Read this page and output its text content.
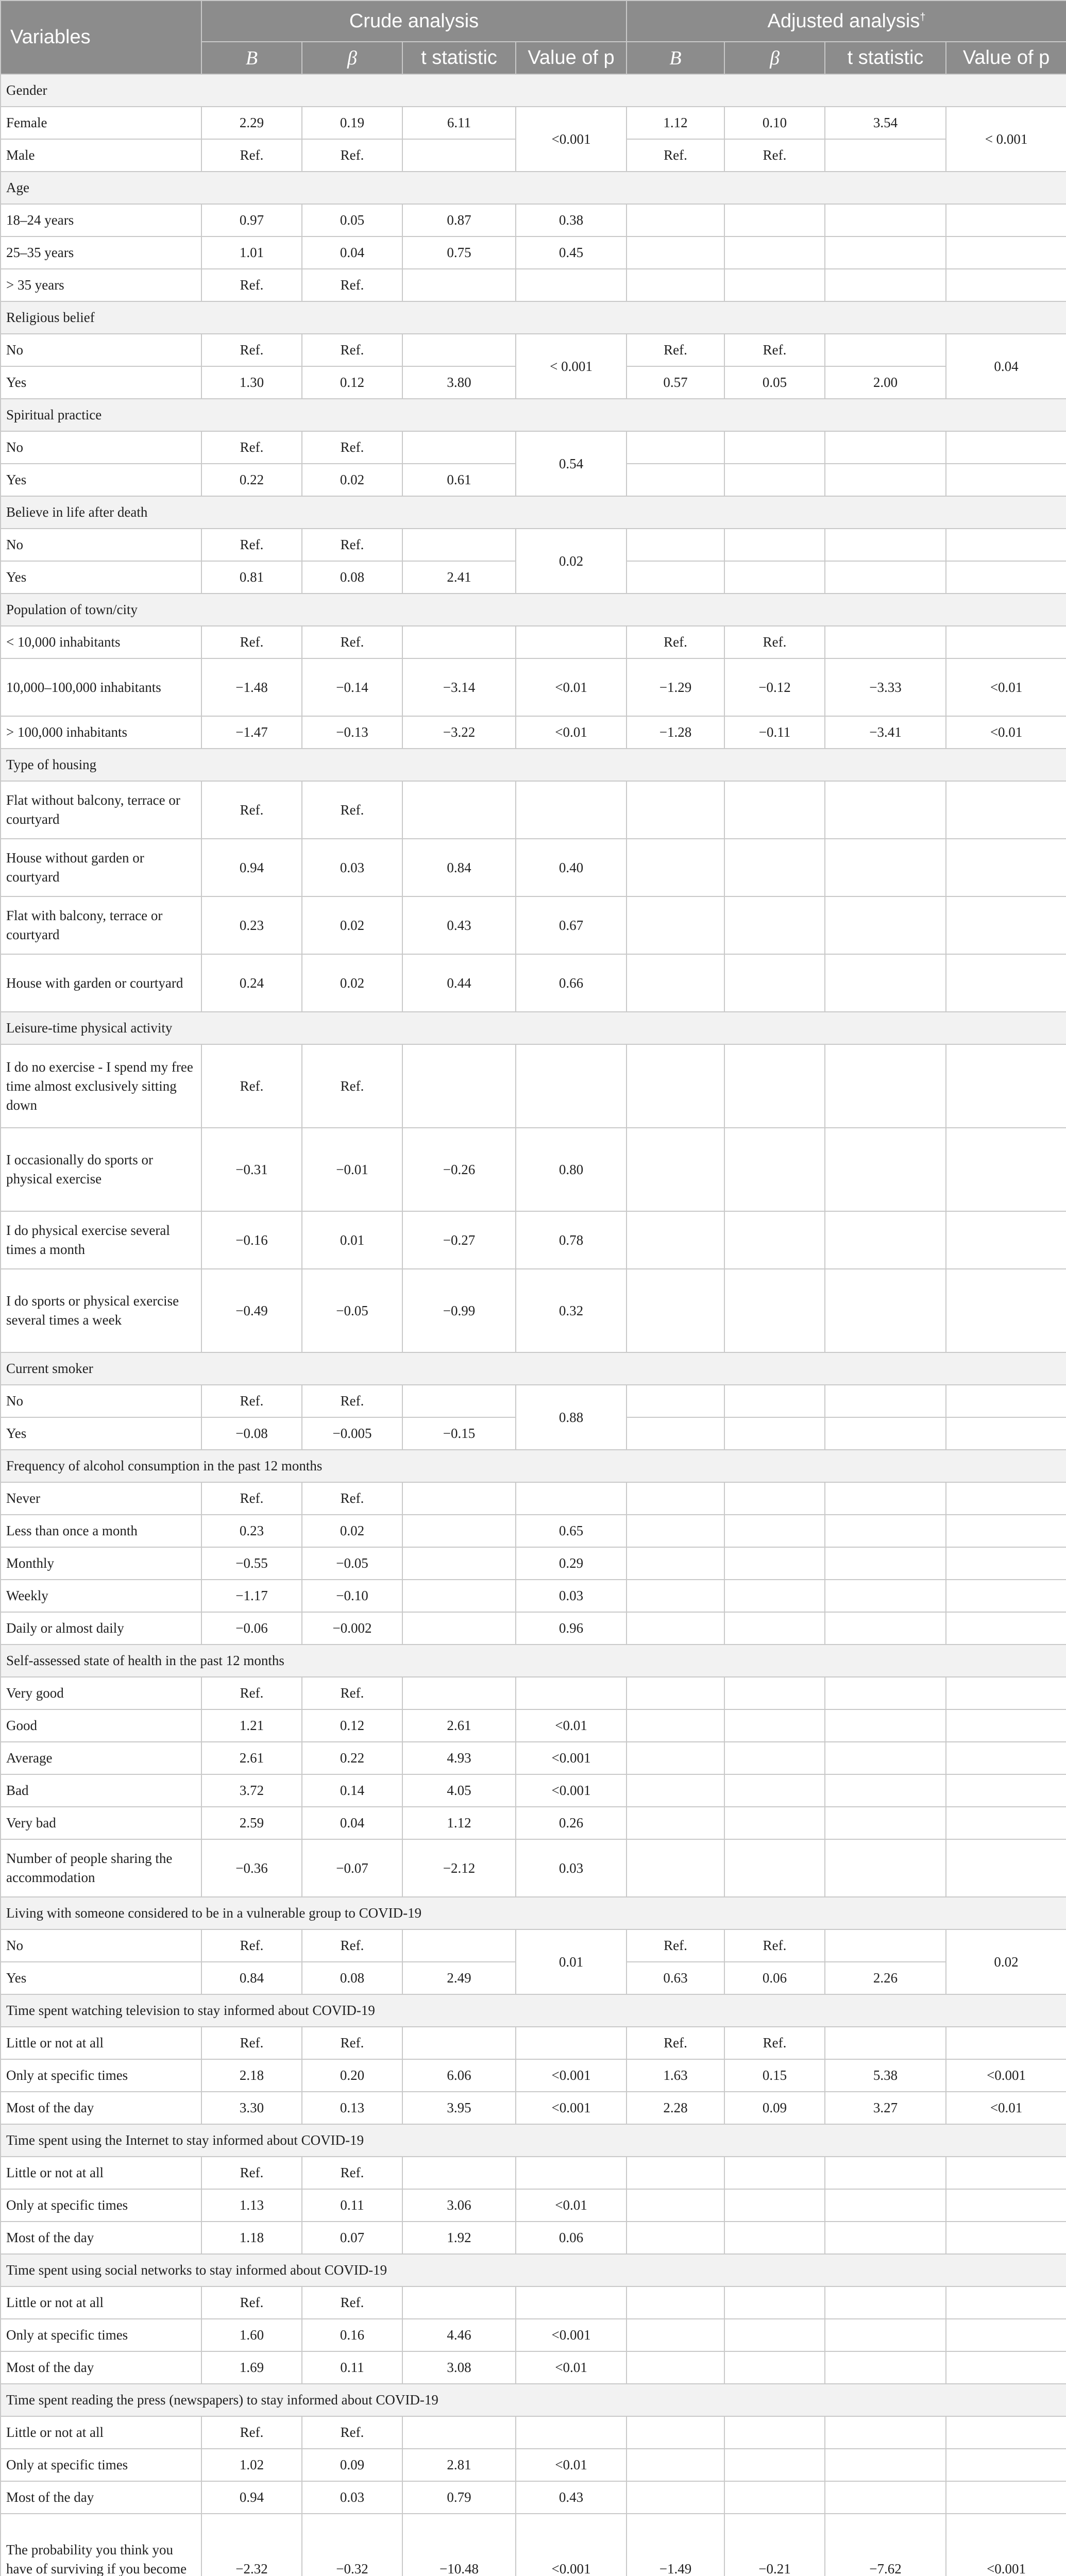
Variables	Crude analysis				Adjusted analysis†
	B	β	t statistic	Value of p	B	β	t statistic	Value of p
Gender								
Female	2.29	0.19	6.11	<0.001	1.12	0.10	3.54	< 0.001
Male	Ref.	Ref.			Ref.	Ref.		
Age								
18–24 years	0.97	0.05	0.87	0.38				
25–35 years	1.01	0.04	0.75	0.45				
> 35 years	Ref.	Ref.						
Religious belief								
No	Ref.	Ref.		< 0.001	Ref.	Ref.		0.04
Yes	1.30	0.12	3.80		0.57	0.05	2.00	
Spiritual practice								
No	Ref.	Ref.		0.54				
Yes	0.22	0.02	0.61					
Believe in life after death								
No	Ref.	Ref.		0.02				
Yes	0.81	0.08	2.41					
Population of town/city								
< 10,000 inhabitants	Ref.	Ref.			Ref.	Ref.		
10,000–100,000 inhabitants	−1.48	−0.14	−3.14	<0.01	−1.29	−0.12	−3.33	<0.01
> 100,000 inhabitants	−1.47	−0.13	−3.22	<0.01	−1.28	−0.11	−3.41	<0.01
Type of housing								
Flat without balcony, terrace or courtyard	Ref.	Ref.						
House without garden or courtyard	0.94	0.03	0.84	0.40				
Flat with balcony, terrace or courtyard	0.23	0.02	0.43	0.67				
House with garden or courtyard	0.24	0.02	0.44	0.66				
Leisure-time physical activity								
I do no exercise - I spend my free time almost exclusively sitting down	Ref.	Ref.						
I occasionally do sports or physical exercise	−0.31	−0.01	−0.26	0.80				
I do physical exercise several times a month	−0.16	0.01	−0.27	0.78				
I do sports or physical exercise several times a week	−0.49	−0.05	−0.99	0.32				
Current smoker								
No	Ref.	Ref.		0.88				
Yes	−0.08	−0.005	−0.15					
Frequency of alcohol consumption in the past 12 months								
Never	Ref.	Ref.						
Less than once a month	0.23	0.02		0.65				
Monthly	−0.55	−0.05		0.29				
Weekly	−1.17	−0.10		0.03				
Daily or almost daily	−0.06	−0.002		0.96				
Self-assessed state of health in the past 12 months								
Very good	Ref.	Ref.						
Good	1.21	0.12	2.61	<0.01				
Average	2.61	0.22	4.93	<0.001				
Bad	3.72	0.14	4.05	<0.001				
Very bad	2.59	0.04	1.12	0.26				
Number of people sharing the accommodation	−0.36	−0.07	−2.12	0.03				
Living with someone considered to be in a vulnerable group to COVID-19								
No	Ref.	Ref.		0.01	Ref.	Ref.		0.02
Yes	0.84	0.08	2.49		0.63	0.06	2.26	
Time spent watching television to stay informed about COVID-19								
Little or not at all	Ref.	Ref.			Ref.	Ref.		
Only at specific times	2.18	0.20	6.06	<0.001	1.63	0.15	5.38	<0.001
Most of the day	3.30	0.13	3.95	<0.001	2.28	0.09	3.27	<0.01
Time spent using the Internet to stay informed about COVID-19								
Little or not at all	Ref.	Ref.						
Only at specific times	1.13	0.11	3.06	<0.01				
Most of the day	1.18	0.07	1.92	0.06				
Time spent using social networks to stay informed about COVID-19								
Little or not at all	Ref.	Ref.						
Only at specific times	1.60	0.16	4.46	<0.001				
Most of the day	1.69	0.11	3.08	<0.01				
Time spent reading the press (newspapers) to stay informed about COVID-19								
Little or not at all	Ref.	Ref.						
Only at specific times	1.02	0.09	2.81	<0.01				
Most of the day	0.94	0.03	0.79	0.43				
The probability you think you have of surviving if you become	−2.32	−0.32	−10.48	<0.001	−1.49	−0.21	−7.62	<0.001
